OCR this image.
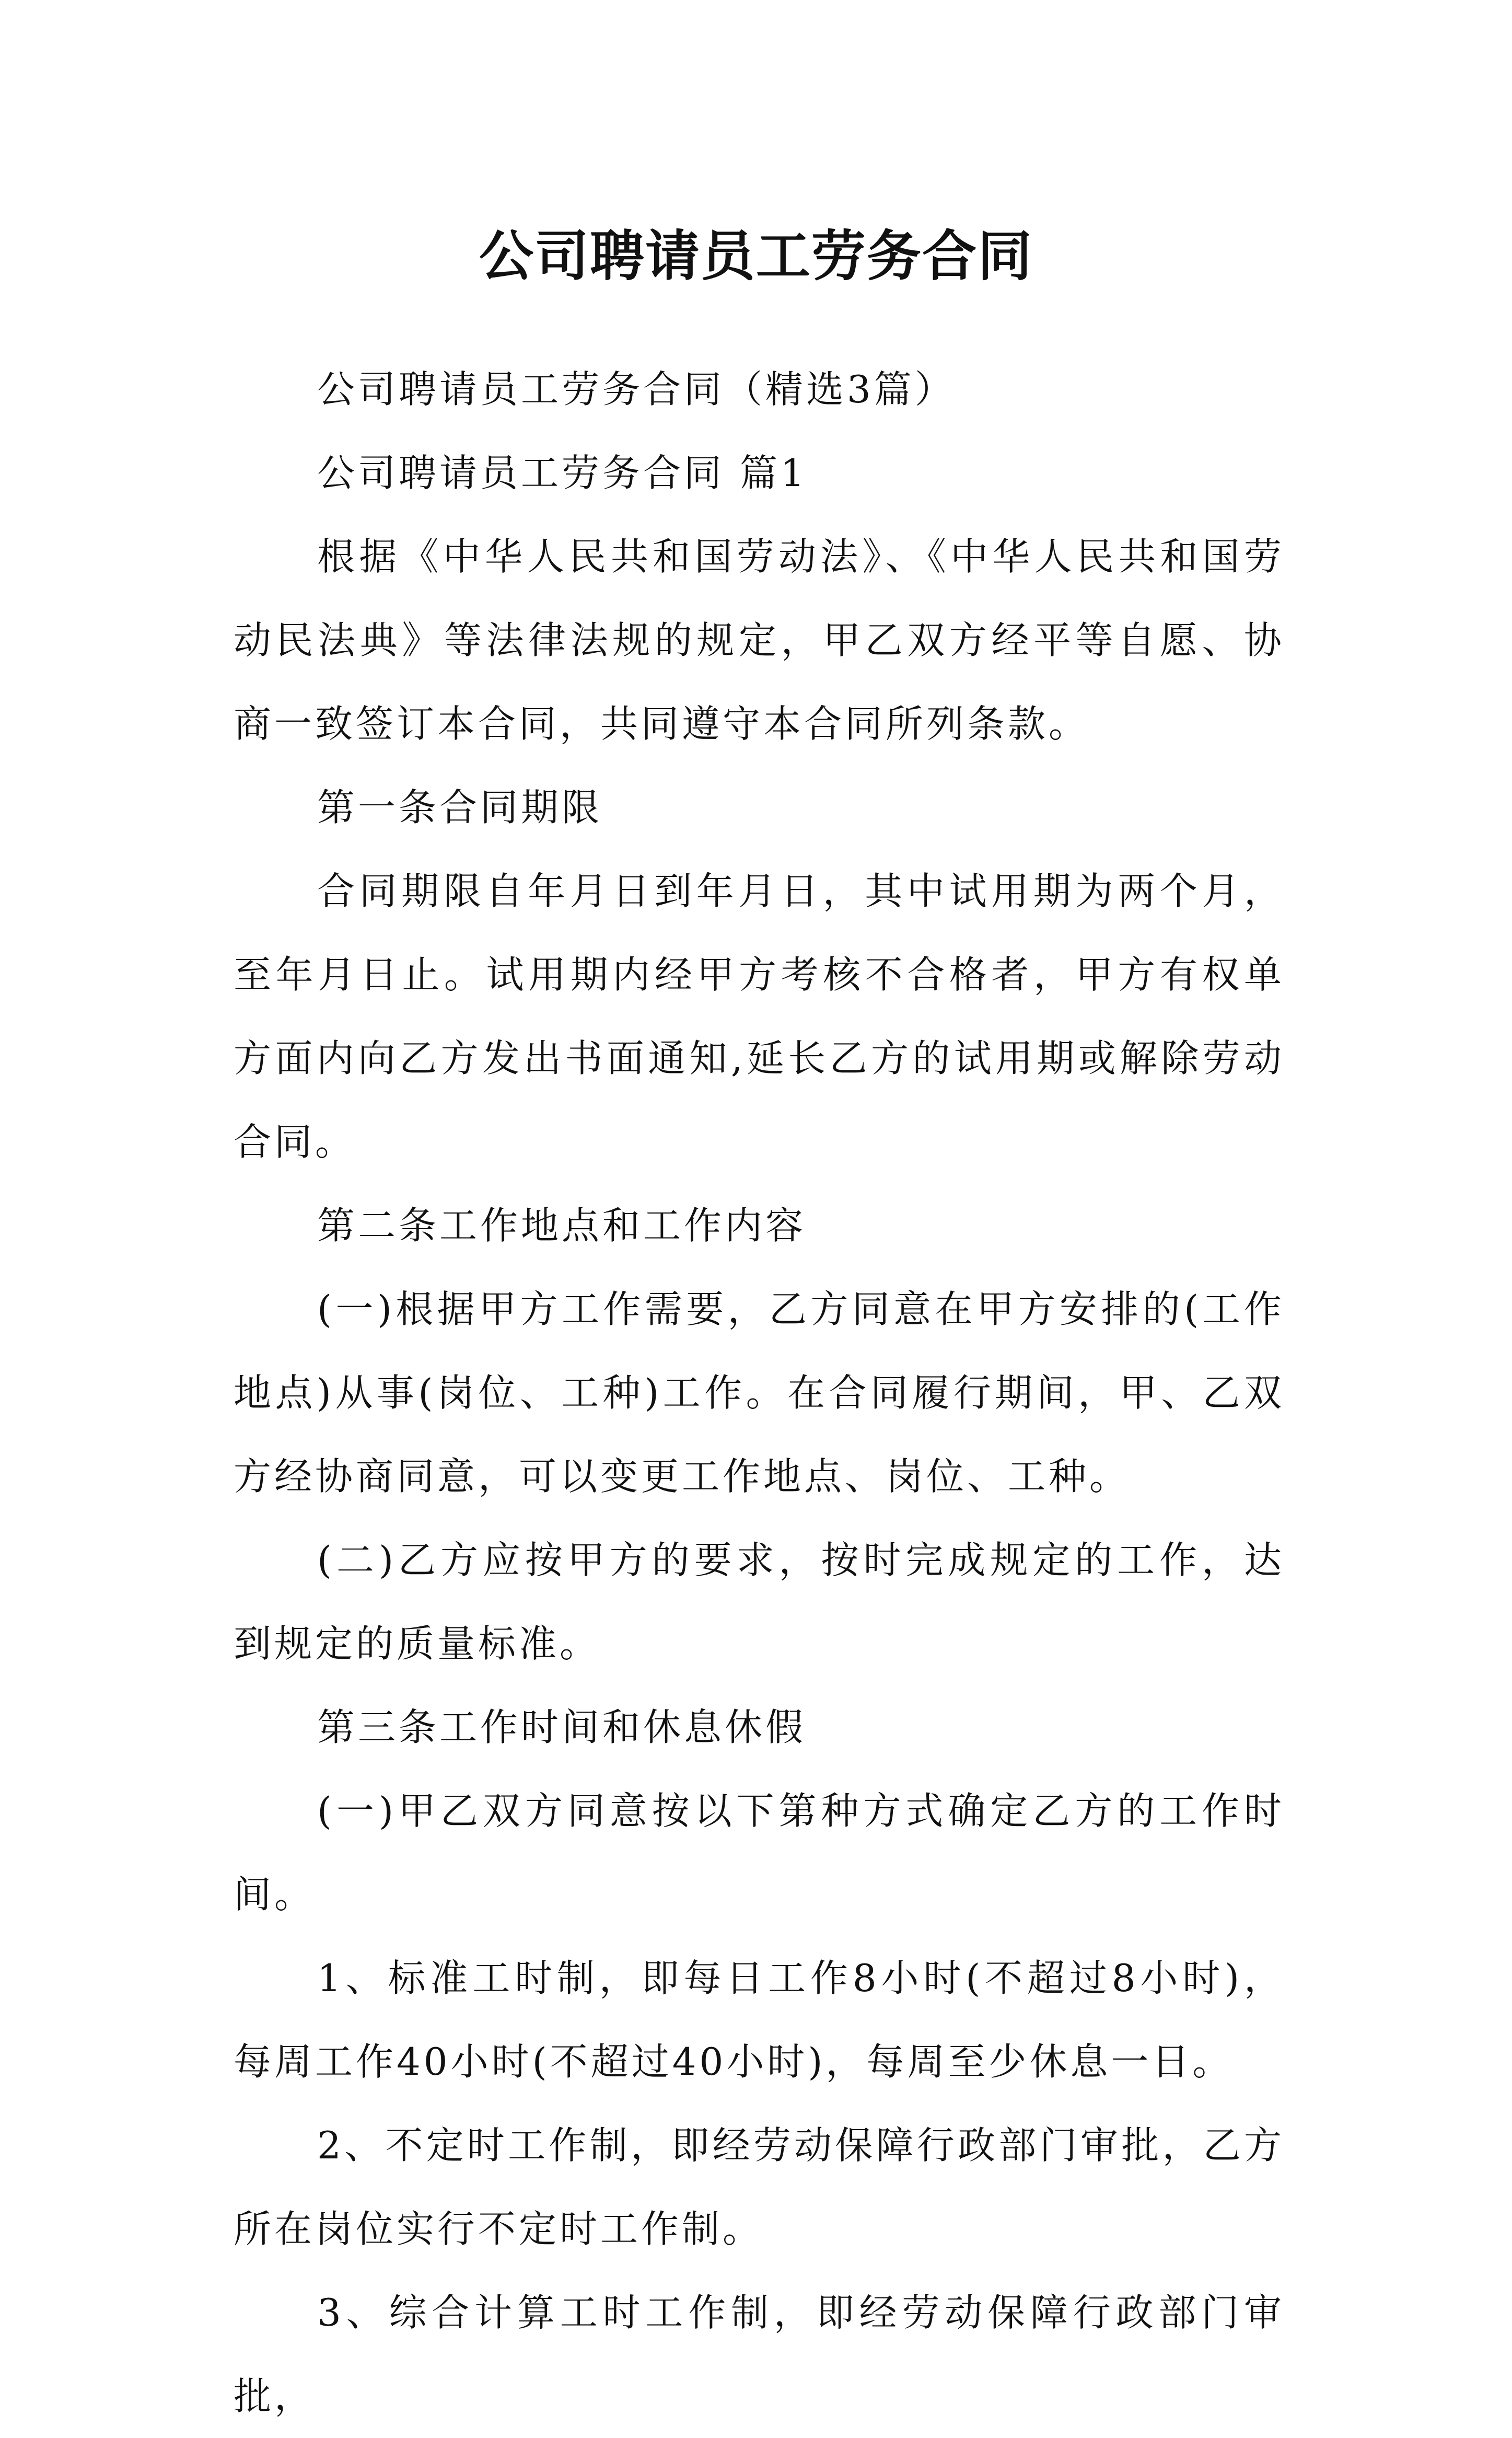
公司聘请员工劳务合同

公司聘请员工劳务合同（精选3篇）

公司聘请员工劳务合同 篇1

根据《中华人民共和国劳动法》、《中华人民共和国劳动民法典》等法律法规的规定，甲乙双方经平等自愿、协商一致签订本合同，共同遵守本合同所列条款。

第一条合同期限

合同期限自年月日到年月日，其中试用期为两个月，至年月日止。试用期内经甲方考核不合格者，甲方有权单方面内向乙方发出书面通知,延长乙方的试用期或解除劳动合同。

第二条工作地点和工作内容

(一)根据甲方工作需要，乙方同意在甲方安排的(工作地点)从事(岗位、工种)工作。在合同履行期间，甲、乙双方经协商同意，可以变更工作地点、岗位、工种。

(二)乙方应按甲方的要求，按时完成规定的工作，达到规定的质量标准。

第三条工作时间和休息休假

(一)甲乙双方同意按以下第种方式确定乙方的工作时间。

1、标准工时制，即每日工作8小时(不超过8小时)，每周工作40小时(不超过40小时)，每周至少休息一日。

2、不定时工作制，即经劳动保障行政部门审批，乙方所在岗位实行不定时工作制。

3、综合计算工时工作制，即经劳动保障行政部门审批，
